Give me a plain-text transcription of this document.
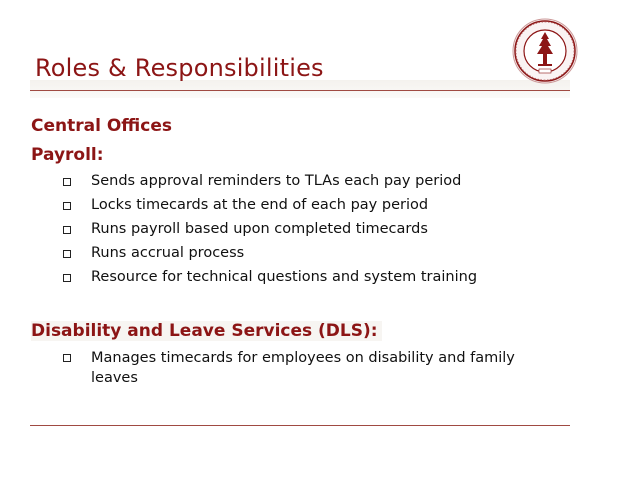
Roles & Responsibilities
Central Offices
Payroll:
Sends approval reminders to TLAs each pay period
Locks timecards at the end of each pay period
Runs payroll based upon completed timecards
Runs accrual process
Resource for technical questions and system training
Disability and Leave Services (DLS):
Manages timecards for employees on disability and family leaves
